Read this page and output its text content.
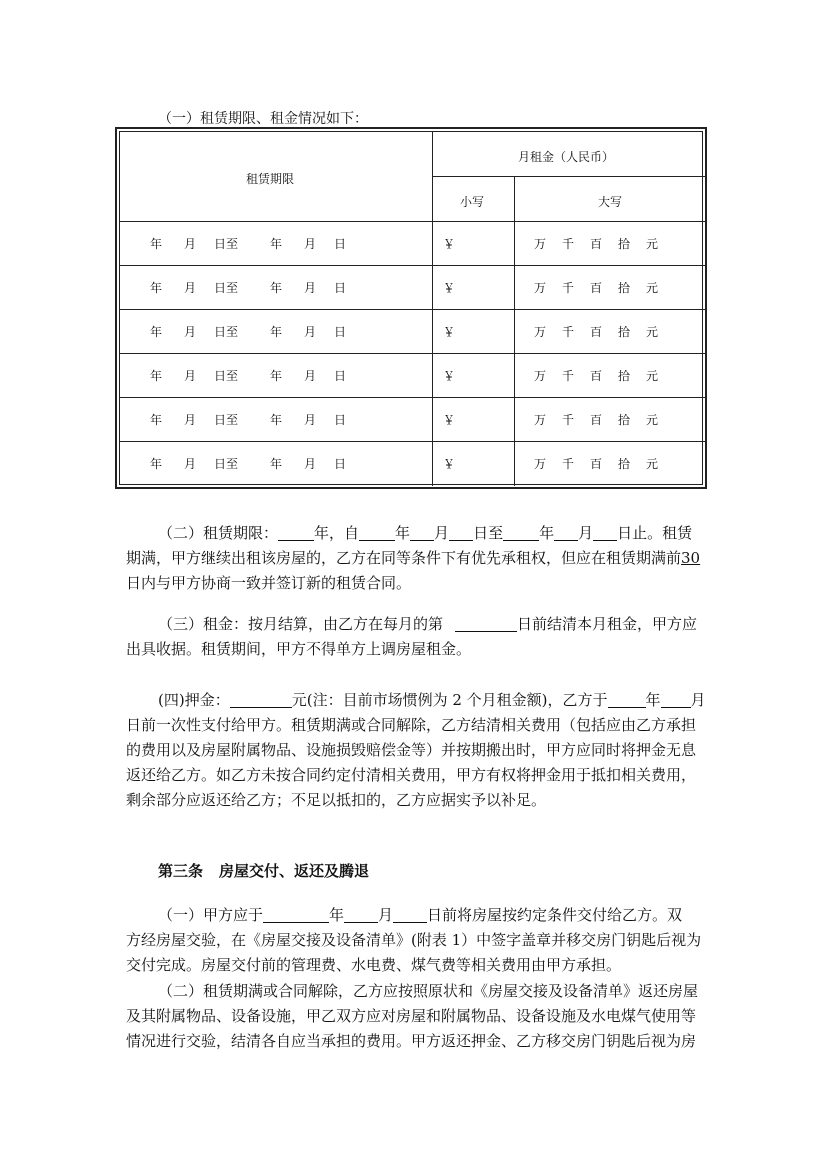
（一）租赁期限、租金情况如下：
租赁期限
月租金（人民币）
小写	大写
年 月 日至	年 月 日	￥	万 千 百 拾 元
年 月 日至	年 月 日	￥	万 千 百 拾 元
年 月 日至	年 月 日	￥	万 千 百 拾 元
年 月 日至	年 月 日	￥	万 千 百 拾 元
年 月 日至	年 月 日	￥	万 千 百 拾 元
年 月 日至	年 月 日	￥	万 千 百 拾 元
（二）租赁期限： 年，自 年 月 日至 年 月 日止。租赁
期满，甲方继续出租该房屋的，乙方在同等条件下有优先承租权，但应在租赁期满前30
日内与甲方协商一致并签订新的租赁合同。
（三）租金：按月结算，由乙方在每月的第	日前结清本月租金，甲方应
出具收据。租赁期间，甲方不得单方上调房屋租金。
(四)押金：	元(注：目前市场惯例为 2 个月租金额)，乙方于	年 月
日前一次性支付给甲方。租赁期满或合同解除，乙方结清相关费用（包括应由乙方承担
的费用以及房屋附属物品、设施损毁赔偿金等）并按期搬出时，甲方应同时将押金无息
返还给乙方。如乙方未按合同约定付清相关费用，甲方有权将押金用于抵扣相关费用，
剩余部分应返还给乙方；不足以抵扣的，乙方应据实予以补足。
第三条 房屋交付、返还及腾退
（一）甲方应于	年 月 日前将房屋按约定条件交付给乙方。双
方经房屋交验，在《房屋交接及设备清单》(附表 1）中签字盖章并移交房门钥匙后视为
交付完成。房屋交付前的管理费、水电费、煤气费等相关费用由甲方承担。
（二）租赁期满或合同解除，乙方应按照原状和《房屋交接及设备清单》返还房屋
及其附属物品、设备设施，甲乙双方应对房屋和附属物品、设备设施及水电煤气使用等
情况进行交验，结清各自应当承担的费用。甲方返还押金、乙方移交房门钥匙后视为房
